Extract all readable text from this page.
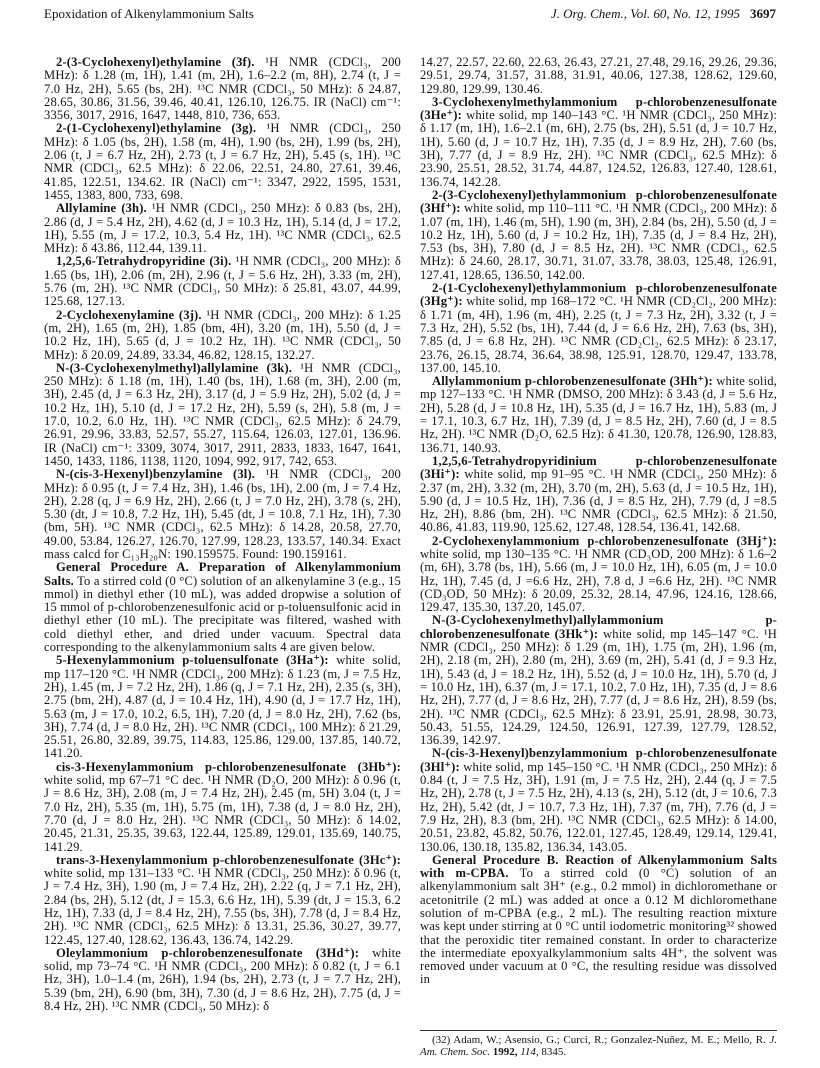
Epoxidation of Alkenylammonium Salts	J. Org. Chem., Vol. 60, No. 12, 1995 3697

2-(3-Cyclohexenyl)ethylamine (3f). ¹H NMR (CDCl₃, 200 MHz): δ 1.28 (m, 1H), 1.41 (m, 2H), 1.6–2.2 (m, 8H), 2.74 (t, J = 7.0 Hz, 2H), 5.65 (bs, 2H). ¹³C NMR (CDCl₃, 50 MHz): δ 24.87, 28.65, 30.86, 31.56, 39.46, 40.41, 126.10, 126.75. IR (NaCl) cm⁻¹: 3356, 3017, 2916, 1647, 1448, 810, 736, 653.

2-(1-Cyclohexenyl)ethylamine (3g). ¹H NMR (CDCl₃, 250 MHz): δ 1.05 (bs, 2H), 1.58 (m, 4H), 1.90 (bs, 2H), 1.99 (bs, 2H), 2.06 (t, J = 6.7 Hz, 2H), 2.73 (t, J = 6.7 Hz, 2H), 5.45 (s, 1H). ¹³C NMR (CDCl₃, 62.5 MHz): δ 22.06, 22.51, 24.80, 27.61, 39.46, 41.85, 122.51, 134.62. IR (NaCl) cm⁻¹: 3347, 2922, 1595, 1531, 1455, 1383, 800, 733, 698.

Allylamine (3h). ¹H NMR (CDCl₃, 250 MHz): δ 0.83 (bs, 2H), 2.86 (d, J = 5.4 Hz, 2H), 4.62 (d, J = 10.3 Hz, 1H), 5.14 (d, J = 17.2, 1H), 5.55 (m, J = 17.2, 10.3, 5.4 Hz, 1H). ¹³C NMR (CDCl₃, 62.5 MHz): δ 43.86, 112.44, 139.11.

1,2,5,6-Tetrahydropyridine (3i). ¹H NMR (CDCl₃, 200 MHz): δ 1.65 (bs, 1H), 2.06 (m, 2H), 2.96 (t, J = 5.6 Hz, 2H), 3.33 (m, 2H), 5.76 (m, 2H). ¹³C NMR (CDCl₃, 50 MHz): δ 25.81, 43.07, 44.99, 125.68, 127.13.

2-Cyclohexenylamine (3j). ¹H NMR (CDCl₃, 200 MHz): δ 1.25 (m, 2H), 1.65 (m, 2H), 1.85 (bm, 4H), 3.20 (m, 1H), 5.50 (d, J = 10.2 Hz, 1H), 5.65 (d, J = 10.2 Hz, 1H). ¹³C NMR (CDCl₃, 50 MHz): δ 20.09, 24.89, 33.34, 46.82, 128.15, 132.27.

N-(3-Cyclohexenylmethyl)allylamine (3k). ¹H NMR (CDCl₃, 250 MHz): δ 1.18 (m, 1H), 1.40 (bs, 1H), 1.68 (m, 3H), 2.00 (m, 3H), 2.45 (d, J = 6.3 Hz, 2H), 3.17 (d, J = 5.9 Hz, 2H), 5.02 (d, J = 10.2 Hz, 1H), 5.10 (d, J = 17.2 Hz, 2H), 5.59 (s, 2H), 5.8 (m, J = 17.0, 10.2, 6.0 Hz, 1H). ¹³C NMR (CDCl₃, 62.5 MHz): δ 24.79, 26.91, 29.96, 33.83, 52.57, 55.27, 115.64, 126.03, 127.01, 136.96. IR (NaCl) cm⁻¹: 3309, 3074, 3017, 2911, 2833, 1833, 1647, 1641, 1450, 1433, 1186, 1138, 1120, 1094, 992, 917, 742, 653.

N-(cis-3-Hexenyl)benzylamine (3l). ¹H NMR (CDCl₃, 200 MHz): δ 0.95 (t, J = 7.4 Hz, 3H), 1.46 (bs, 1H), 2.00 (m, J = 7.4 Hz, 2H), 2.28 (q, J = 6.9 Hz, 2H), 2.66 (t, J = 7.0 Hz, 2H), 3.78 (s, 2H), 5.30 (dt, J = 10.8, 7.2 Hz, 1H), 5.45 (dt, J = 10.8, 7.1 Hz, 1H), 7.30 (bm, 5H). ¹³C NMR (CDCl₃, 62.5 MHz): δ 14.28, 20.58, 27.70, 49.00, 53.84, 126.27, 126.70, 127.99, 128.23, 133.57, 140.34. Exact mass calcd for C₁₃H₂₀N: 190.159575. Found: 190.159161.

General Procedure A. Preparation of Alkenylammonium Salts. To a stirred cold (0 °C) solution of an alkenylamine 3 (e.g., 15 mmol) in diethyl ether (10 mL), was added dropwise a solution of 15 mmol of p-chlorobenzenesulfonic acid or p-toluensulfonic acid in diethyl ether (10 mL). The precipitate was filtered, washed with cold diethyl ether, and dried under vacuum. Spectral data corresponding to the alkenylammonium salts 4 are given below.

5-Hexenylammonium p-toluensulfonate (3Ha⁺): white solid, mp 117–120 °C. ¹H NMR (CDCl₃, 200 MHz): δ 1.23 (m, J = 7.5 Hz, 2H), 1.45 (m, J = 7.2 Hz, 2H), 1.86 (q, J = 7.1 Hz, 2H), 2.35 (s, 3H), 2.75 (bm, 2H), 4.87 (d, J = 10.4 Hz, 1H), 4.90 (d, J = 17.7 Hz, 1H), 5.63 (m, J = 17.0, 10.2, 6.5, 1H), 7.20 (d, J = 8.0 Hz, 2H), 7.62 (bs, 3H), 7.74 (d, J = 8.0 Hz, 2H). ¹³C NMR (CDCl₃, 100 MHz): δ 21.29, 25.51, 26.80, 32.89, 39.75, 114.83, 125.86, 129.00, 137.85, 140.72, 141.20.

cis-3-Hexenylammonium p-chlorobenzenesulfonate (3Hb⁺): white solid, mp 67–71 °C dec. ¹H NMR (D₂O, 200 MHz): δ 0.96 (t, J = 8.6 Hz, 3H), 2.08 (m, J = 7.4 Hz, 2H), 2.45 (m, 5H) 3.04 (t, J = 7.0 Hz, 2H), 5.35 (m, 1H), 5.75 (m, 1H), 7.38 (d, J = 8.0 Hz, 2H), 7.70 (d, J = 8.0 Hz, 2H). ¹³C NMR (CDCl₃, 50 MHz): δ 14.02, 20.45, 21.31, 25.35, 39.63, 122.44, 125.89, 129.01, 135.69, 140.75, 141.29.

trans-3-Hexenylammonium p-chlorobenzenesulfonate (3Hc⁺): white solid, mp 131–133 °C. ¹H NMR (CDCl₃, 250 MHz): δ 0.96 (t, J = 7.4 Hz, 3H), 1.90 (m, J = 7.4 Hz, 2H), 2.22 (q, J = 7.1 Hz, 2H), 2.84 (bs, 2H), 5.12 (dt, J = 15.3, 6.6 Hz, 1H), 5.39 (dt, J = 15.3, 6.2 Hz, 1H), 7.33 (d, J = 8.4 Hz, 2H), 7.55 (bs, 3H), 7.78 (d, J = 8.4 Hz, 2H). ¹³C NMR (CDCl₃, 62.5 MHz): δ 13.31, 25.36, 30.27, 39.77, 122.45, 127.40, 128.62, 136.43, 136.74, 142.29.

Oleylammonium p-chlorobenzenesulfonate (3Hd⁺): white solid, mp 73–74 °C. ¹H NMR (CDCl₃, 200 MHz): δ 0.82 (t, J = 6.1 Hz, 3H), 1.0–1.4 (m, 26H), 1.94 (bs, 2H), 2.73 (t, J = 7.7 Hz, 2H), 5.39 (bm, 2H), 6.90 (bm, 3H), 7.30 (d, J = 8.6 Hz, 2H), 7.75 (d, J = 8.4 Hz, 2H). ¹³C NMR (CDCl₃, 50 MHz): δ

14.27, 22.57, 22.60, 22.63, 26.43, 27.21, 27.48, 29.16, 29.26, 29.36, 29.51, 29.74, 31.57, 31.88, 31.91, 40.06, 127.38, 128.62, 129.60, 129.80, 129.99, 130.46.

3-Cyclohexenylmethylammonium p-chlorobenzenesulfonate (3He⁺): white solid, mp 140–143 °C. ¹H NMR (CDCl₃, 250 MHz): δ 1.17 (m, 1H), 1.6–2.1 (m, 6H), 2.75 (bs, 2H), 5.51 (d, J = 10.7 Hz, 1H), 5.60 (d, J = 10.7 Hz, 1H), 7.35 (d, J = 8.9 Hz, 2H), 7.60 (bs, 3H), 7.77 (d, J = 8.9 Hz, 2H). ¹³C NMR (CDCl₃, 62.5 MHz): δ 23.90, 25.51, 28.52, 31.74, 44.87, 124.52, 126.83, 127.40, 128.61, 136.74, 142.28.

2-(3-Cyclohexenyl)ethylammonium p-chlorobenzenesulfonate (3Hf⁺): white solid, mp 110–111 °C. ¹H NMR (CDCl₃, 200 MHz): δ 1.07 (m, 1H), 1.46 (m, 5H), 1.90 (m, 3H), 2.84 (bs, 2H), 5.50 (d, J = 10.2 Hz, 1H), 5.60 (d, J = 10.2 Hz, 1H), 7.35 (d, J = 8.4 Hz, 2H), 7.53 (bs, 3H), 7.80 (d, J = 8.5 Hz, 2H). ¹³C NMR (CDCl₃, 62.5 MHz): δ 24.60, 28.17, 30.71, 31.07, 33.78, 38.03, 125.48, 126.91, 127.41, 128.65, 136.50, 142.00.

2-(1-Cyclohexenyl)ethylammonium p-chlorobenzenesulfonate (3Hg⁺): white solid, mp 168–172 °C. ¹H NMR (CD₂Cl₂, 200 MHz): δ 1.71 (m, 4H), 1.96 (m, 4H), 2.25 (t, J = 7.3 Hz, 2H), 3.32 (t, J = 7.3 Hz, 2H), 5.52 (bs, 1H), 7.44 (d, J = 6.6 Hz, 2H), 7.63 (bs, 3H), 7.85 (d, J = 6.8 Hz, 2H). ¹³C NMR (CD₂Cl₂, 62.5 MHz): δ 23.17, 23.76, 26.15, 28.74, 36.64, 38.98, 125.91, 128.70, 129.47, 133.78, 137.00, 145.10.

Allylammonium p-chlorobenzenesulfonate (3Hh⁺): white solid, mp 127–133 °C. ¹H NMR (DMSO, 200 MHz): δ 3.43 (d, J = 5.6 Hz, 2H), 5.28 (d, J = 10.8 Hz, 1H), 5.35 (d, J = 16.7 Hz, 1H), 5.83 (m, J = 17.1, 10.3, 6.7 Hz, 1H), 7.39 (d, J = 8.5 Hz, 2H), 7.60 (d, J = 8.5 Hz, 2H). ¹³C NMR (D₂O, 62.5 Hz): δ 41.30, 120.78, 126.90, 128.83, 136.71, 140.93.

1,2,5,6-Tetrahydropyridinium p-chlorobenzenesulfonate (3Hi⁺): white solid, mp 91–95 °C. ¹H NMR (CDCl₃, 250 MHz): δ 2.37 (m, 2H), 3.32 (m, 2H), 3.70 (m, 2H), 5.63 (d, J = 10.5 Hz, 1H), 5.90 (d, J = 10.5 Hz, 1H), 7.36 (d, J = 8.5 Hz, 2H), 7.79 (d, J =8.5 Hz, 2H), 8.86 (bm, 2H). ¹³C NMR (CDCl₃, 62.5 MHz): δ 21.50, 40.86, 41.83, 119.90, 125.62, 127.48, 128.54, 136.41, 142.68.

2-Cyclohexenylammonium p-chlorobenzenesulfonate (3Hj⁺): white solid, mp 130–135 °C. ¹H NMR (CD₃OD, 200 MHz): δ 1.6–2 (m, 6H), 3.78 (bs, 1H), 5.66 (m, J = 10.0 Hz, 1H), 6.05 (m, J = 10.0 Hz, 1H), 7.45 (d, J =6.6 Hz, 2H), 7.8 d, J =6.6 Hz, 2H). ¹³C NMR (CD₃OD, 50 MHz): δ 20.09, 25.32, 28.14, 47.96, 124.16, 128.66, 129.47, 135.30, 137.20, 145.07.

N-(3-Cyclohexenylmethyl)allylammonium p-chlorobenzenesulfonate (3Hk⁺): white solid, mp 145–147 °C. ¹H NMR (CDCl₃, 250 MHz): δ 1.29 (m, 1H), 1.75 (m, 2H), 1.96 (m, 2H), 2.18 (m, 2H), 2.80 (m, 2H), 3.69 (m, 2H), 5.41 (d, J = 9.3 Hz, 1H), 5.43 (d, J = 18.2 Hz, 1H), 5.52 (d, J = 10.0 Hz, 1H), 5.70 (d, J = 10.0 Hz, 1H), 6.37 (m, J = 17.1, 10.2, 7.0 Hz, 1H), 7.35 (d, J = 8.6 Hz, 2H), 7.77 (d, J = 8.6 Hz, 2H), 7.77 (d, J = 8.6 Hz, 2H), 8.59 (bs, 2H). ¹³C NMR (CDCl₃, 62.5 MHz): δ 23.91, 25.91, 28.98, 30.73, 50.43, 51.55, 124.29, 124.50, 126.91, 127.39, 127.79, 128.52, 136.39, 142.97.

N-(cis-3-Hexenyl)benzylammonium p-chlorobenzenesulfonate (3Hl⁺): white solid, mp 145–150 °C. ¹H NMR (CDCl₃, 250 MHz): δ 0.84 (t, J = 7.5 Hz, 3H), 1.91 (m, J = 7.5 Hz, 2H), 2.44 (q, J = 7.5 Hz, 2H), 2.78 (t, J = 7.5 Hz, 2H), 4.13 (s, 2H), 5.12 (dt, J = 10.6, 7.3 Hz, 2H), 5.42 (dt, J = 10.7, 7.3 Hz, 1H), 7.37 (m, 7H), 7.76 (d, J = 7.9 Hz, 2H), 8.3 (bm, 2H). ¹³C NMR (CDCl₃, 62.5 MHz): δ 14.00, 20.51, 23.82, 45.82, 50.76, 122.01, 127.45, 128.49, 129.14, 129.41, 130.06, 130.18, 135.82, 136.34, 143.05.

General Procedure B. Reaction of Alkenylammonium Salts with m-CPBA. To a stirred cold (0 °C) solution of an alkenylammonium salt 3H⁺ (e.g., 0.2 mmol) in dichloromethane or acetonitrile (2 mL) was added at once a 0.12 M dichloromethane solution of m-CPBA (e.g., 2 mL). The resulting reaction mixture was kept under stirring at 0 °C until iodometric monitoring³² showed that the peroxidic titer remained constant. In order to characterize the intermediate epoxyalkylammonium salts 4H⁺, the solvent was removed under vacuum at 0 °C, the resulting residue was dissolved in

(32) Adam, W.; Asensio, G.; Curci, R.; Gonzalez-Nuñez, M. E.; Mello, R. J. Am. Chem. Soc. 1992, 114, 8345.
